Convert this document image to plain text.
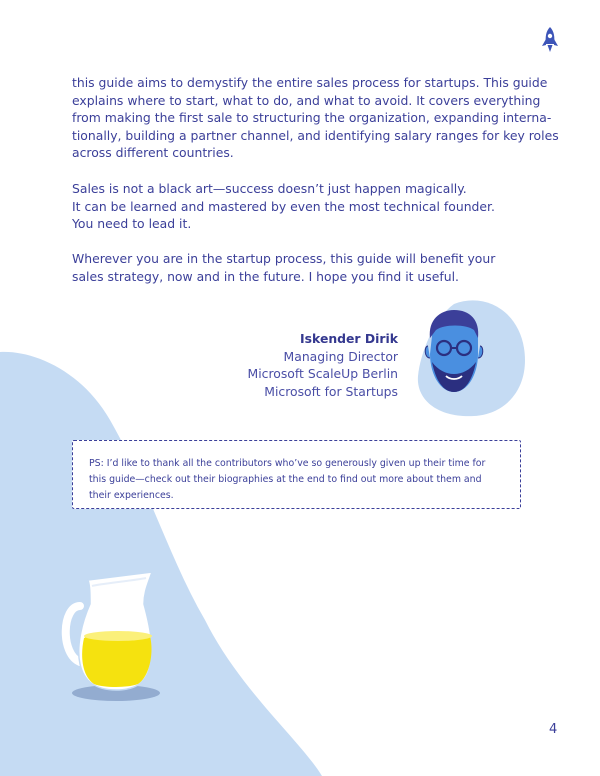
this guide aims to demystify the entire sales process for startups. This guide
explains where to start, what to do, and what to avoid. It covers everything
from making the first sale to structuring the organization, expanding interna-
tionally, building a partner channel, and identifying salary ranges for key roles
across different countries.
Sales is not a black art—success doesn’t just happen magically.
It can be learned and mastered by even the most technical founder.
You need to lead it.
Wherever you are in the startup process, this guide will benefit your
sales strategy, now and in the future. I hope you find it useful.
Iskender Dirik
Managing Director
Microsoft ScaleUp Berlin
Microsoft for Startups
PS: I’d like to thank all the contributors who’ve so generously given up their time for
this guide—check out their biographies at the end to find out more about them and
their experiences.
4
